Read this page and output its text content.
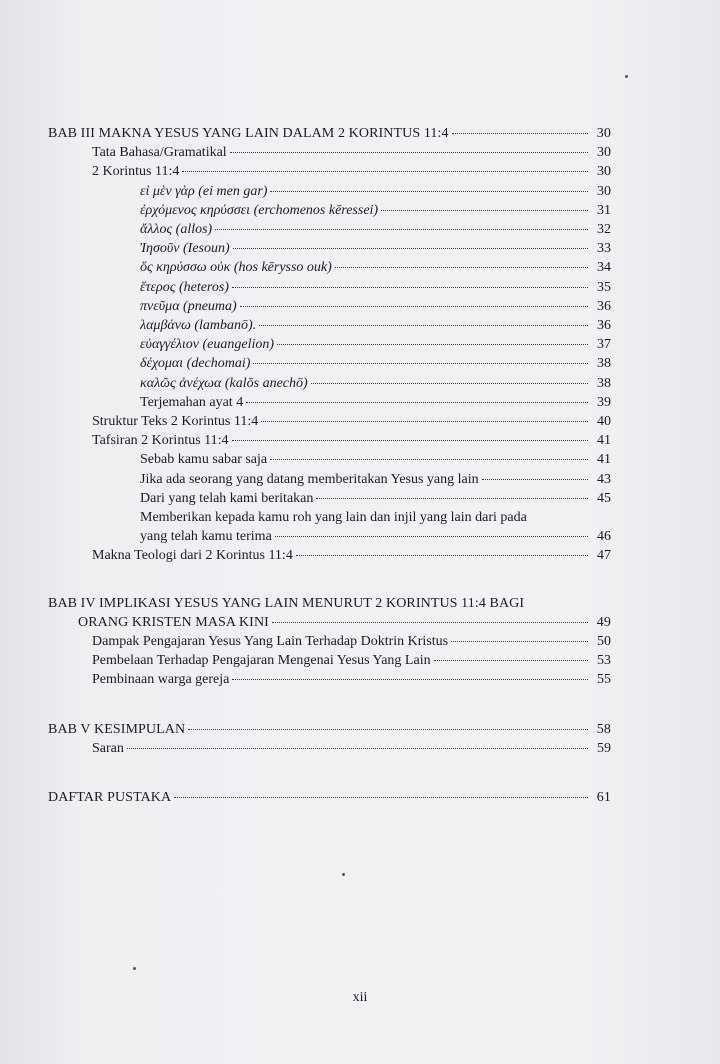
BAB III MAKNA YESUS YANG LAIN DALAM 2 KORINTUS 11:4	30
Tata Bahasa/Gramatikal	30
2 Korintus 11:4	30
εἰ μὲν γὰρ (ei men gar)	30
ἐρχόμενος κηρύσσει (erchomenos kēressei)	31
ἄλλος (allos)	32
Ἰησοῦν (Iesoun)	33
ὅς κηρύσσω οὐκ (hos kērysso ouk)	34
ἕτερος (heteros)	35
πνεῦμα (pneuma)	36
λαμβάνω (lambanō).	36
εὐαγγέλιον (euangelion)	37
δέχομαι (dechomai)	38
καλῶς ἀνέχωα (kalōs anechō)	38
Terjemahan ayat 4	39
Struktur Teks 2 Korintus 11:4	40
Tafsiran 2 Korintus 11:4	41
Sebab kamu sabar saja	41
Jika ada seorang yang datang memberitakan Yesus yang lain	43
Dari yang telah kami beritakan	45
Memberikan kepada kamu roh yang lain dan injil yang lain dari pada
yang telah kamu terima	46
Makna Teologi dari 2 Korintus 11:4	47
BAB IV IMPLIKASI YESUS YANG LAIN MENURUT 2 KORINTUS 11:4 BAGI
ORANG KRISTEN MASA KINI	49
Dampak Pengajaran Yesus Yang Lain Terhadap Doktrin Kristus	50
Pembelaan Terhadap Pengajaran Mengenai Yesus Yang Lain	53
Pembinaan warga gereja	55
BAB V KESIMPULAN	58
Saran	59
DAFTAR PUSTAKA	61
xii
